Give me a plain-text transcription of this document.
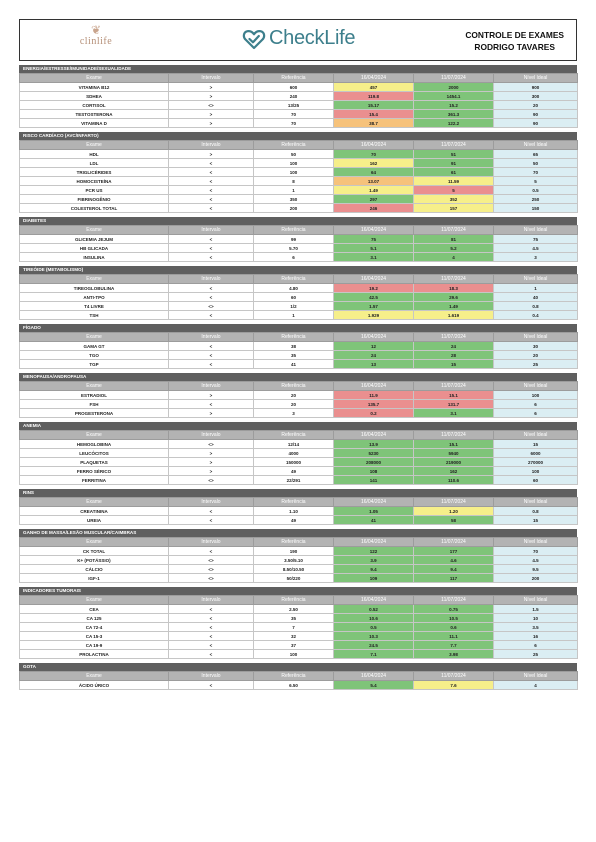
❦
clinlife	CheckLife	CONTROLE DE EXAMES
RODRIGO TAVARES
ENERGIA/ESTRESSE/IMUNIDADE/SEXUALIDADE
Exame	Intervalo	Referência	16/04/2024	11/07/2024	Nível Ideal
VITAMINA B12	>	600	457	2000	900
SDHEA	>	240	119.8	1454.1	300
CORTISOL	<>	13/25	15.17	15.2	20
TESTOSTERONA	>	70	15.4	361.3	90
VITAMINA D	>	70	38.7	122.2	90
RISCO CARDÍACO (AVC/INFARTO)
Exame	Intervalo	Referência	16/04/2024	11/07/2024	Nível Ideal
HDL	>	50	70	51	65
LDL	<	100	162	91	50
TRIGLICÉRIDES	<	100	64	61	70
HOMOCISTEÍNA	<	8	13.07	11.59	5
PCR US	<	1	1.49	5	0.5
FIBRINOGÊNIO	<	350	297	352	250
COLESTEROL TOTAL	<	200	246	157	150
DIABETES
Exame	Intervalo	Referência	16/04/2024	11/07/2024	Nível Ideal
GLICEMIA JEJUM	<	99	75	81	75
HB GLICADA	<	5.70	5.1	5.2	4.5
INSULINA	<	6	3.1	4	3
TIREÓIDE (METABOLISMO)
Exame	Intervalo	Referência	16/04/2024	11/07/2024	Nível Ideal
TIREOGLOBULINA	<	4.80	19.2	18.3	1
ANTI-TPO	<	60	42.5	29.6	40
T4 LIVRE	<>	1/2	1.57	1.49	0.8
TSH	<	1	1.929	1.619	0.4
FÍGADO
Exame	Intervalo	Referência	16/04/2024	11/07/2024	Nível Ideal
GAMA GT	<	38	12	24	30
TGO	<	35	24	28	20
TGP	<	41	13	15	25
MENOPAUSA/ANDROPAUSA
Exame	Intervalo	Referência	16/04/2024	11/07/2024	Nível Ideal
ESTRADIOL	>	20	11.9	15.1	100
FSH	<	20	135.7	131.7	6
PROGESTERONA	>	3	0.2	3.1	6
ANEMIA
Exame	Intervalo	Referência	16/04/2024	11/07/2024	Nível Ideal
HEMOGLOBINA	<>	12/14	13.9	15.1	15
LEUCÓCITOS	>	4000	5230	5940	6000
PLAQUETAS	>	150000	208000	219000	270000
FERRO SÉRICO	>	49	108	162	100
FERRITINA	<>	22/291	141	110.6	60
RINS
Exame	Intervalo	Referência	16/04/2024	11/07/2024	Nível Ideal
CREATININA	<	1.10	1.05	1.20	0.8
UREIA	<	49	41	58	15
GANHO DE MASSA/LESÃO MUSCULAR/CAIMBRAS
Exame	Intervalo	Referência	16/04/2024	11/07/2024	Nível Ideal
CK TOTAL	<	190	122	177	70
K+ (POTÁSSIO)	<>	3.50/5.10	3.9	4.6	4.5
CÁLCIO	<>	8.50/10.50	9.4	9.4	9.5
IGF-1	<>	50/220	109	117	200
INDICADORES TUMORAIS
Exame	Intervalo	Referência	16/04/2024	11/07/2024	Nível Ideal
CEA	<	2.50	0.52	0.75	1.5
CA 125	<	35	10.6	10.5	10
CA 72-4	<	7	0.5	0.6	3.5
CA 15-3	<	32	10.3	11.1	16
CA 19-9	<	37	24.5	7.7	6
PROLACTINA	<	100	7.1	3.98	25
GOTA
Exame	Intervalo	Referência	16/04/2024	11/07/2024	Nível Ideal
ÁCIDO ÚRICO	<	6.50	5.4	7.6	4
